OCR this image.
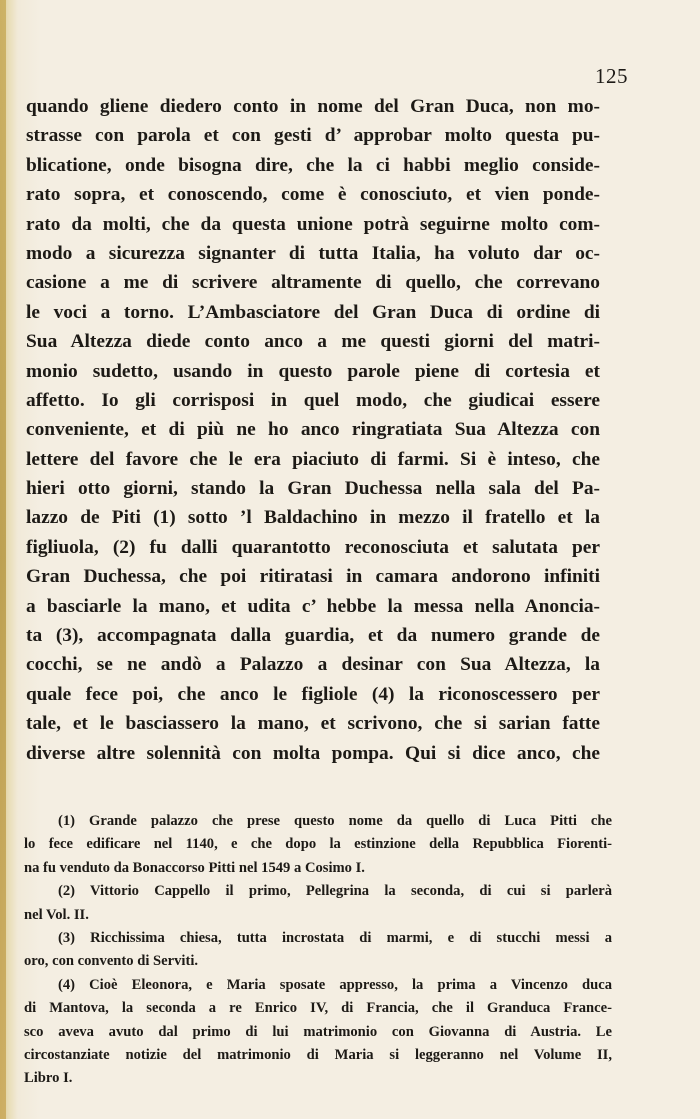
125
quando gliene diedero conto in nome del Gran Duca, non mo-
strasse con parola et con gesti d’ approbar molto questa pu-
blicatione, onde bisogna dire, che la ci habbi meglio conside-
rato sopra, et conoscendo, come è conosciuto, et vien ponde-
rato da molti, che da questa unione potrà seguirne molto com-
modo a sicurezza signanter di tutta Italia, ha voluto dar oc-
casione a me di scrivere altramente di quello, che correvano
le voci a torno. L’Ambasciatore del Gran Duca di ordine di
Sua Altezza diede conto anco a me questi giorni del matri-
monio sudetto, usando in questo parole piene di cortesia et
affetto. Io gli corrisposi in quel modo, che giudicai essere
conveniente, et di più ne ho anco ringratiata Sua Altezza con
lettere del favore che le era piaciuto di farmi. Si è inteso, che
hieri otto giorni, stando la Gran Duchessa nella sala del Pa-
lazzo de Piti (1) sotto ’l Baldachino in mezzo il fratello et la
figliuola, (2) fu dalli quarantotto reconosciuta et salutata per
Gran Duchessa, che poi ritiratasi in camara andorono infiniti
a basciarle la mano, et udita c’ hebbe la messa nella Anoncia-
ta (3), accompagnata dalla guardia, et da numero grande de
cocchi, se ne andò a Palazzo a desinar con Sua Altezza, la
quale fece poi, che anco le figliole (4) la riconoscessero per
tale, et le basciassero la mano, et scrivono, che si sarian fatte
diverse altre solennità con molta pompa. Qui si dice anco, che
(1) Grande palazzo che prese questo nome da quello di Luca Pitti che
lo fece edificare nel 1140, e che dopo la estinzione della Repubblica Fiorenti-
na fu venduto da Bonaccorso Pitti nel 1549 a Cosimo I.
(2) Vittorio Cappello il primo, Pellegrina la seconda, di cui si parlerà
nel Vol. II.
(3) Ricchissima chiesa, tutta incrostata di marmi, e di stucchi messi a
oro, con convento di Serviti.
(4) Cioè Eleonora, e Maria sposate appresso, la prima a Vincenzo duca
di Mantova, la seconda a re Enrico IV, di Francia, che il Granduca France-
sco aveva avuto dal primo di lui matrimonio con Giovanna di Austria. Le
circostanziate notizie del matrimonio di Maria si leggeranno nel Volume II,
Libro I.
